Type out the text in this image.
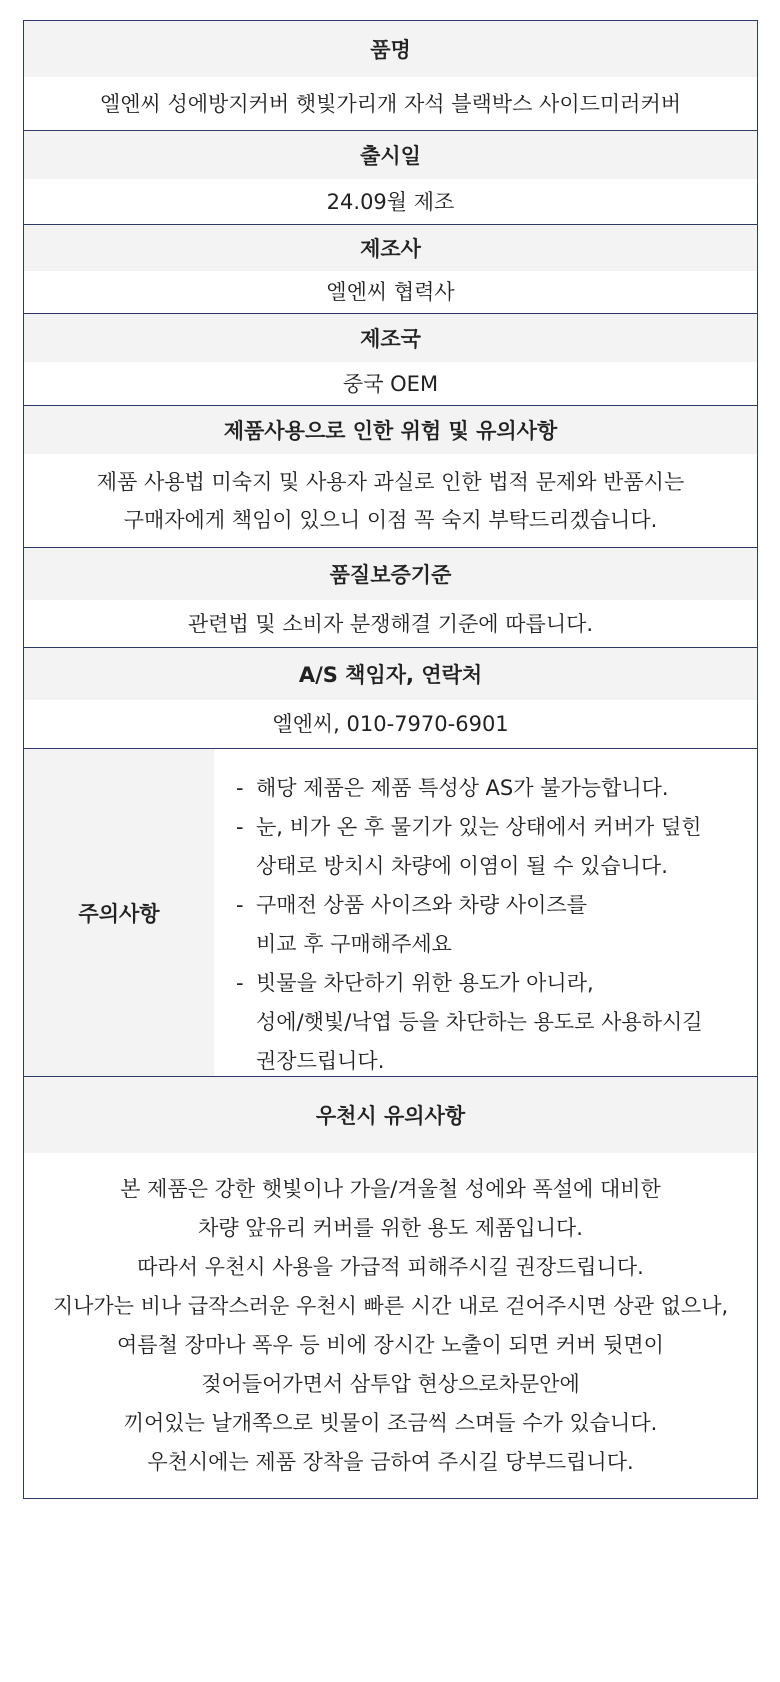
품명
엘엔씨 성에방지커버 햇빛가리개 자석 블랙박스 사이드미러커버
출시일
24.09월 제조
제조사
엘엔씨 협력사
제조국
중국 OEM
제품사용으로 인한 위험 및 유의사항
제품 사용법 미숙지 및 사용자 과실로 인한 법적 문제와 반품시는
구매자에게 책임이 있으니 이점 꼭 숙지 부탁드리겠습니다.
품질보증기준
관련법 및 소비자 분쟁해결 기준에 따릅니다.
A/S 책임자, 연락처
엘엔씨, 010-7970-6901
주의사항
- 해당 제품은 제품 특성상 AS가 불가능합니다.
- 눈, 비가 온 후 물기가 있는 상태에서 커버가 덮힌
상태로 방치시 차량에 이염이 될 수 있습니다.
- 구매전 상품 사이즈와 차량 사이즈를
비교 후 구매해주세요
- 빗물을 차단하기 위한 용도가 아니라,
성에/햇빛/낙엽 등을 차단하는 용도로 사용하시길
권장드립니다.
우천시 유의사항
본 제품은 강한 햇빛이나 가을/겨울철 성에와 폭설에 대비한
차량 앞유리 커버를 위한 용도 제품입니다.
따라서 우천시 사용을 가급적 피해주시길 권장드립니다.
지나가는 비나 급작스러운 우천시 빠른 시간 내로 걷어주시면 상관 없으나,
여름철 장마나 폭우 등 비에 장시간 노출이 되면 커버 뒷면이
젖어들어가면서 삼투압 현상으로차문안에
끼어있는 날개쪽으로 빗물이 조금씩 스며들 수가 있습니다.
우천시에는 제품 장착을 금하여 주시길 당부드립니다.
